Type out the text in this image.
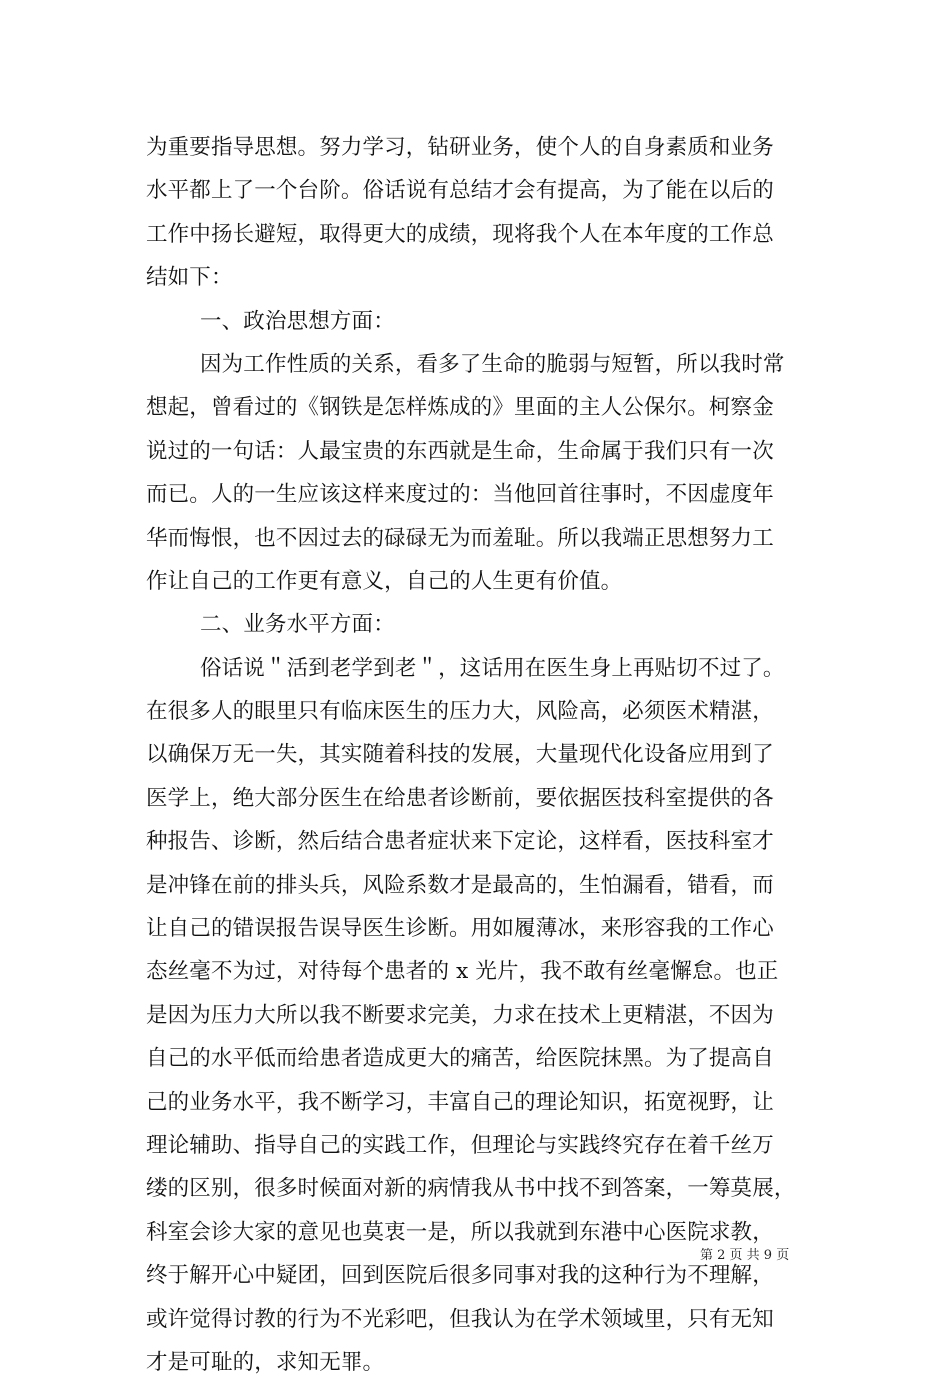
为重要指导思想。努力学习，钻研业务，使个人的自身素质和业务
水平都上了一个台阶。俗话说有总结才会有提高，为了能在以后的
工作中扬长避短，取得更大的成绩，现将我个人在本年度的工作总
结如下：
一、政治思想方面：
因为工作性质的关系，看多了生命的脆弱与短暂，所以我时常
想起，曾看过的《钢铁是怎样炼成的》里面的主人公保尔。柯察金
说过的一句话：人最宝贵的东西就是生命，生命属于我们只有一次
而已。人的一生应该这样来度过的：当他回首往事时，不因虚度年
华而悔恨，也不因过去的碌碌无为而羞耻。所以我端正思想努力工
作让自己的工作更有意义，自己的人生更有价值。
二、业务水平方面：
俗话说＂活到老学到老＂，这话用在医生身上再贴切不过了。
在很多人的眼里只有临床医生的压力大，风险高，必须医术精湛，
以确保万无一失，其实随着科技的发展，大量现代化设备应用到了
医学上，绝大部分医生在给患者诊断前，要依据医技科室提供的各
种报告、诊断，然后结合患者症状来下定论，这样看，医技科室才
是冲锋在前的排头兵，风险系数才是最高的，生怕漏看，错看，而
让自己的错误报告误导医生诊断。用如履薄冰，来形容我的工作心
态丝毫不为过，对待每个患者的 x 光片，我不敢有丝毫懈怠。也正
是因为压力大所以我不断要求完美，力求在技术上更精湛，不因为
自己的水平低而给患者造成更大的痛苦，给医院抹黑。为了提高自
己的业务水平，我不断学习，丰富自己的理论知识，拓宽视野，让
理论辅助、指导自己的实践工作，但理论与实践终究存在着千丝万
缕的区别，很多时候面对新的病情我从书中找不到答案，一筹莫展，
科室会诊大家的意见也莫衷一是，所以我就到东港中心医院求教，
终于解开心中疑团，回到医院后很多同事对我的这种行为不理解，
或许觉得讨教的行为不光彩吧，但我认为在学术领域里，只有无知
才是可耻的，求知无罪。
第 2 页 共 9 页
